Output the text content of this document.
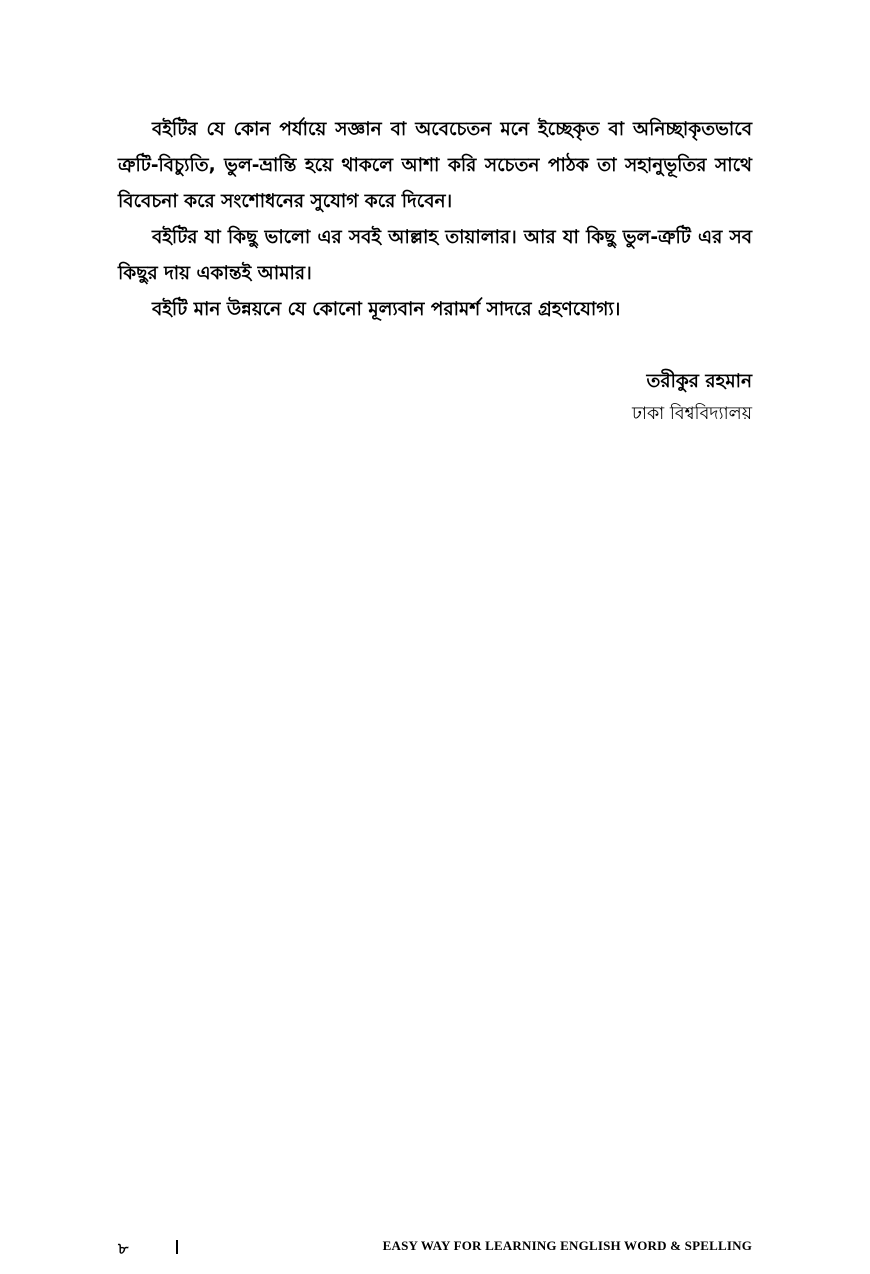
বইটির যে কোন পর্যায়ে সজ্ঞান বা অবেচেতন মনে ইচ্ছেকৃত বা অনিচ্ছাকৃতভাবে ত্রুটি-বিচ্যুতি, ভুল-ভ্রান্তি হয়ে থাকলে আশা করি সচেতন পাঠক তা সহানুভূতির সাথে বিবেচনা করে সংশোধনের সুযোগ করে দিবেন।

বইটির যা কিছু ভালো এর সবই আল্লাহ তায়ালার। আর যা কিছু ভুল-ত্রুটি এর সব কিছুর দায় একান্তই আমার।

বইটি মান উন্নয়নে যে কোনো মূল্যবান পরামর্শ সাদরে গ্রহণযোগ্য।

তরীকুর রহমান
ঢাকা বিশ্ববিদ্যালয়
৮	EASY WAY FOR LEARNING ENGLISH WORD & SPELLING
